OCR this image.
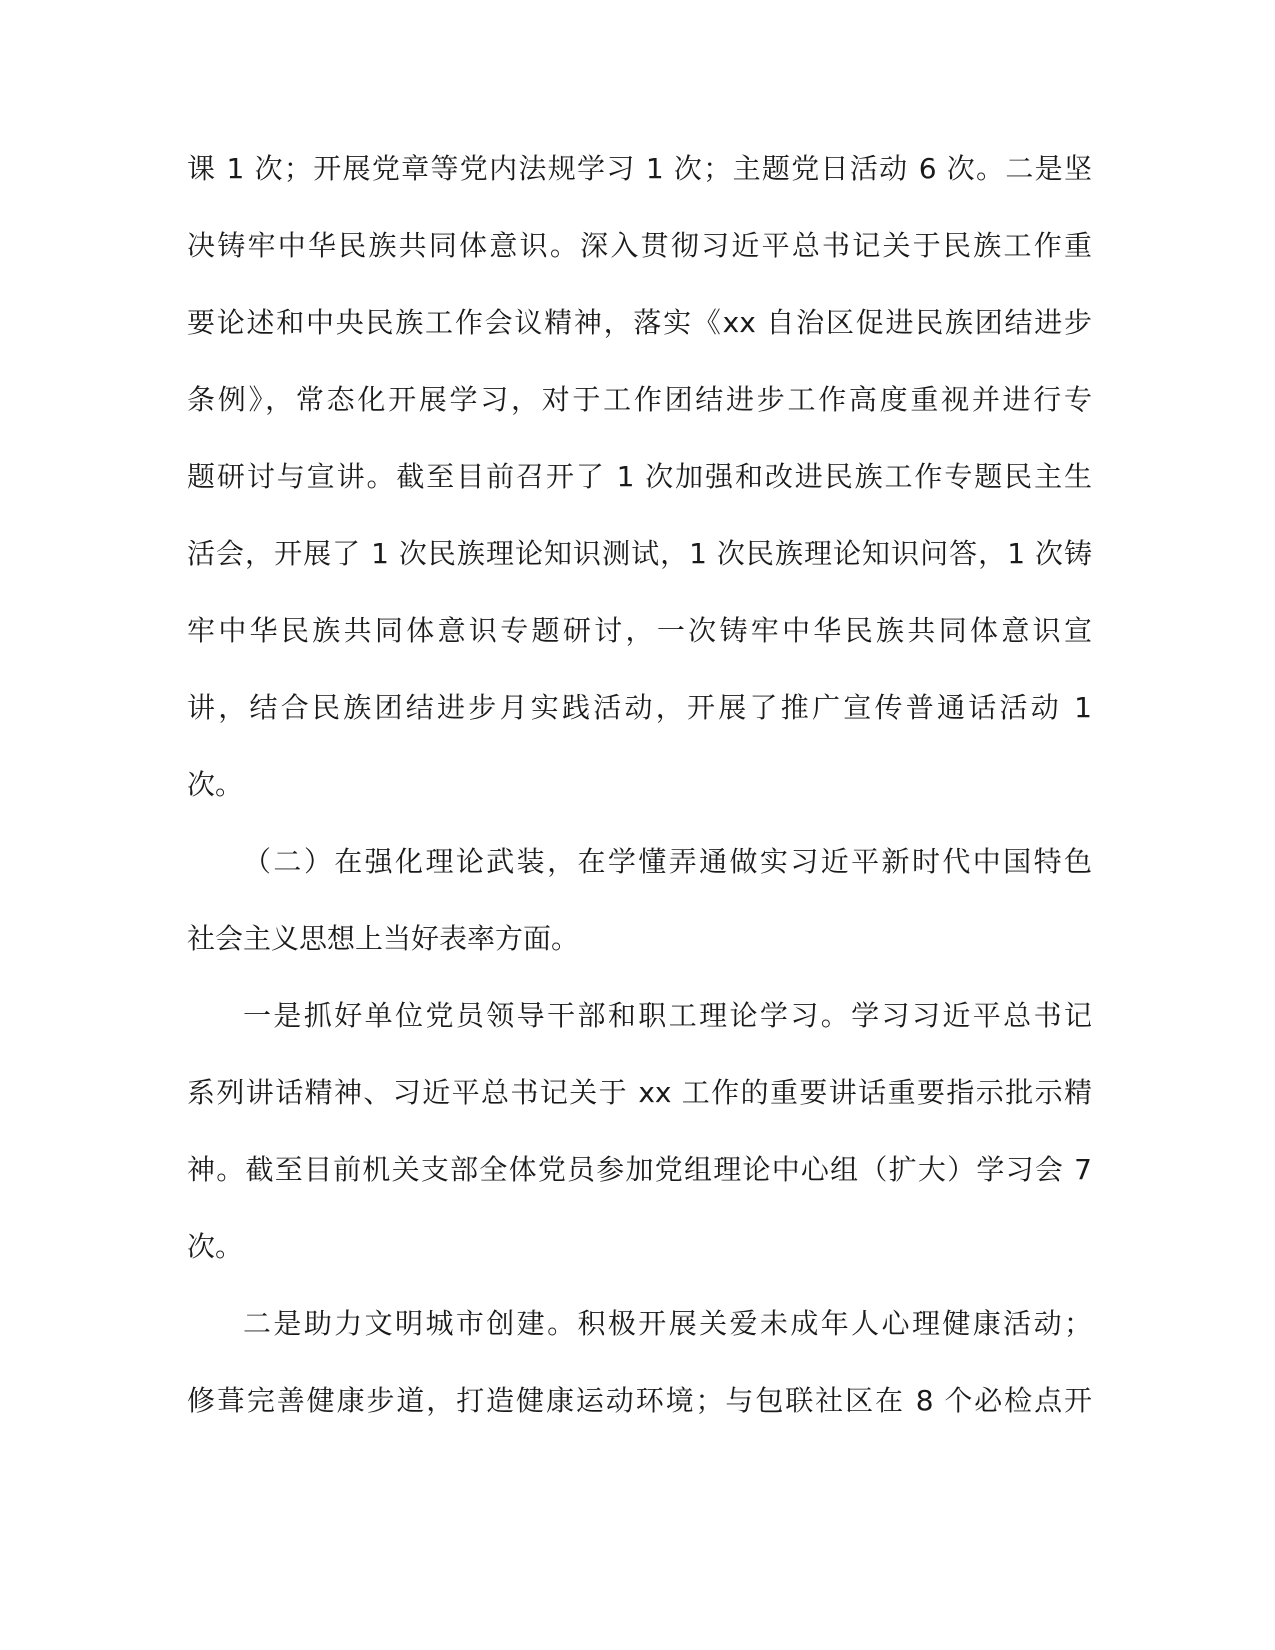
课 1 次；开展党章等党内法规学习 1 次；主题党日活动 6 次。二是坚
决铸牢中华民族共同体意识。深入贯彻习近平总书记关于民族工作重
要论述和中央民族工作会议精神，落实《xx 自治区促进民族团结进步
条例》，常态化开展学习，对于工作团结进步工作高度重视并进行专
题研讨与宣讲。截至目前召开了 1 次加强和改进民族工作专题民主生
活会，开展了 1 次民族理论知识测试，1 次民族理论知识问答，1 次铸
牢中华民族共同体意识专题研讨，一次铸牢中华民族共同体意识宣
讲，结合民族团结进步月实践活动，开展了推广宣传普通话活动 1
次。
（二）在强化理论武装，在学懂弄通做实习近平新时代中国特色
社会主义思想上当好表率方面。
一是抓好单位党员领导干部和职工理论学习。学习习近平总书记
系列讲话精神、习近平总书记关于 xx 工作的重要讲话重要指示批示精
神。截至目前机关支部全体党员参加党组理论中心组（扩大）学习会 7
次。
二是助力文明城市创建。积极开展关爱未成年人心理健康活动；
修葺完善健康步道，打造健康运动环境；与包联社区在 8 个必检点开
